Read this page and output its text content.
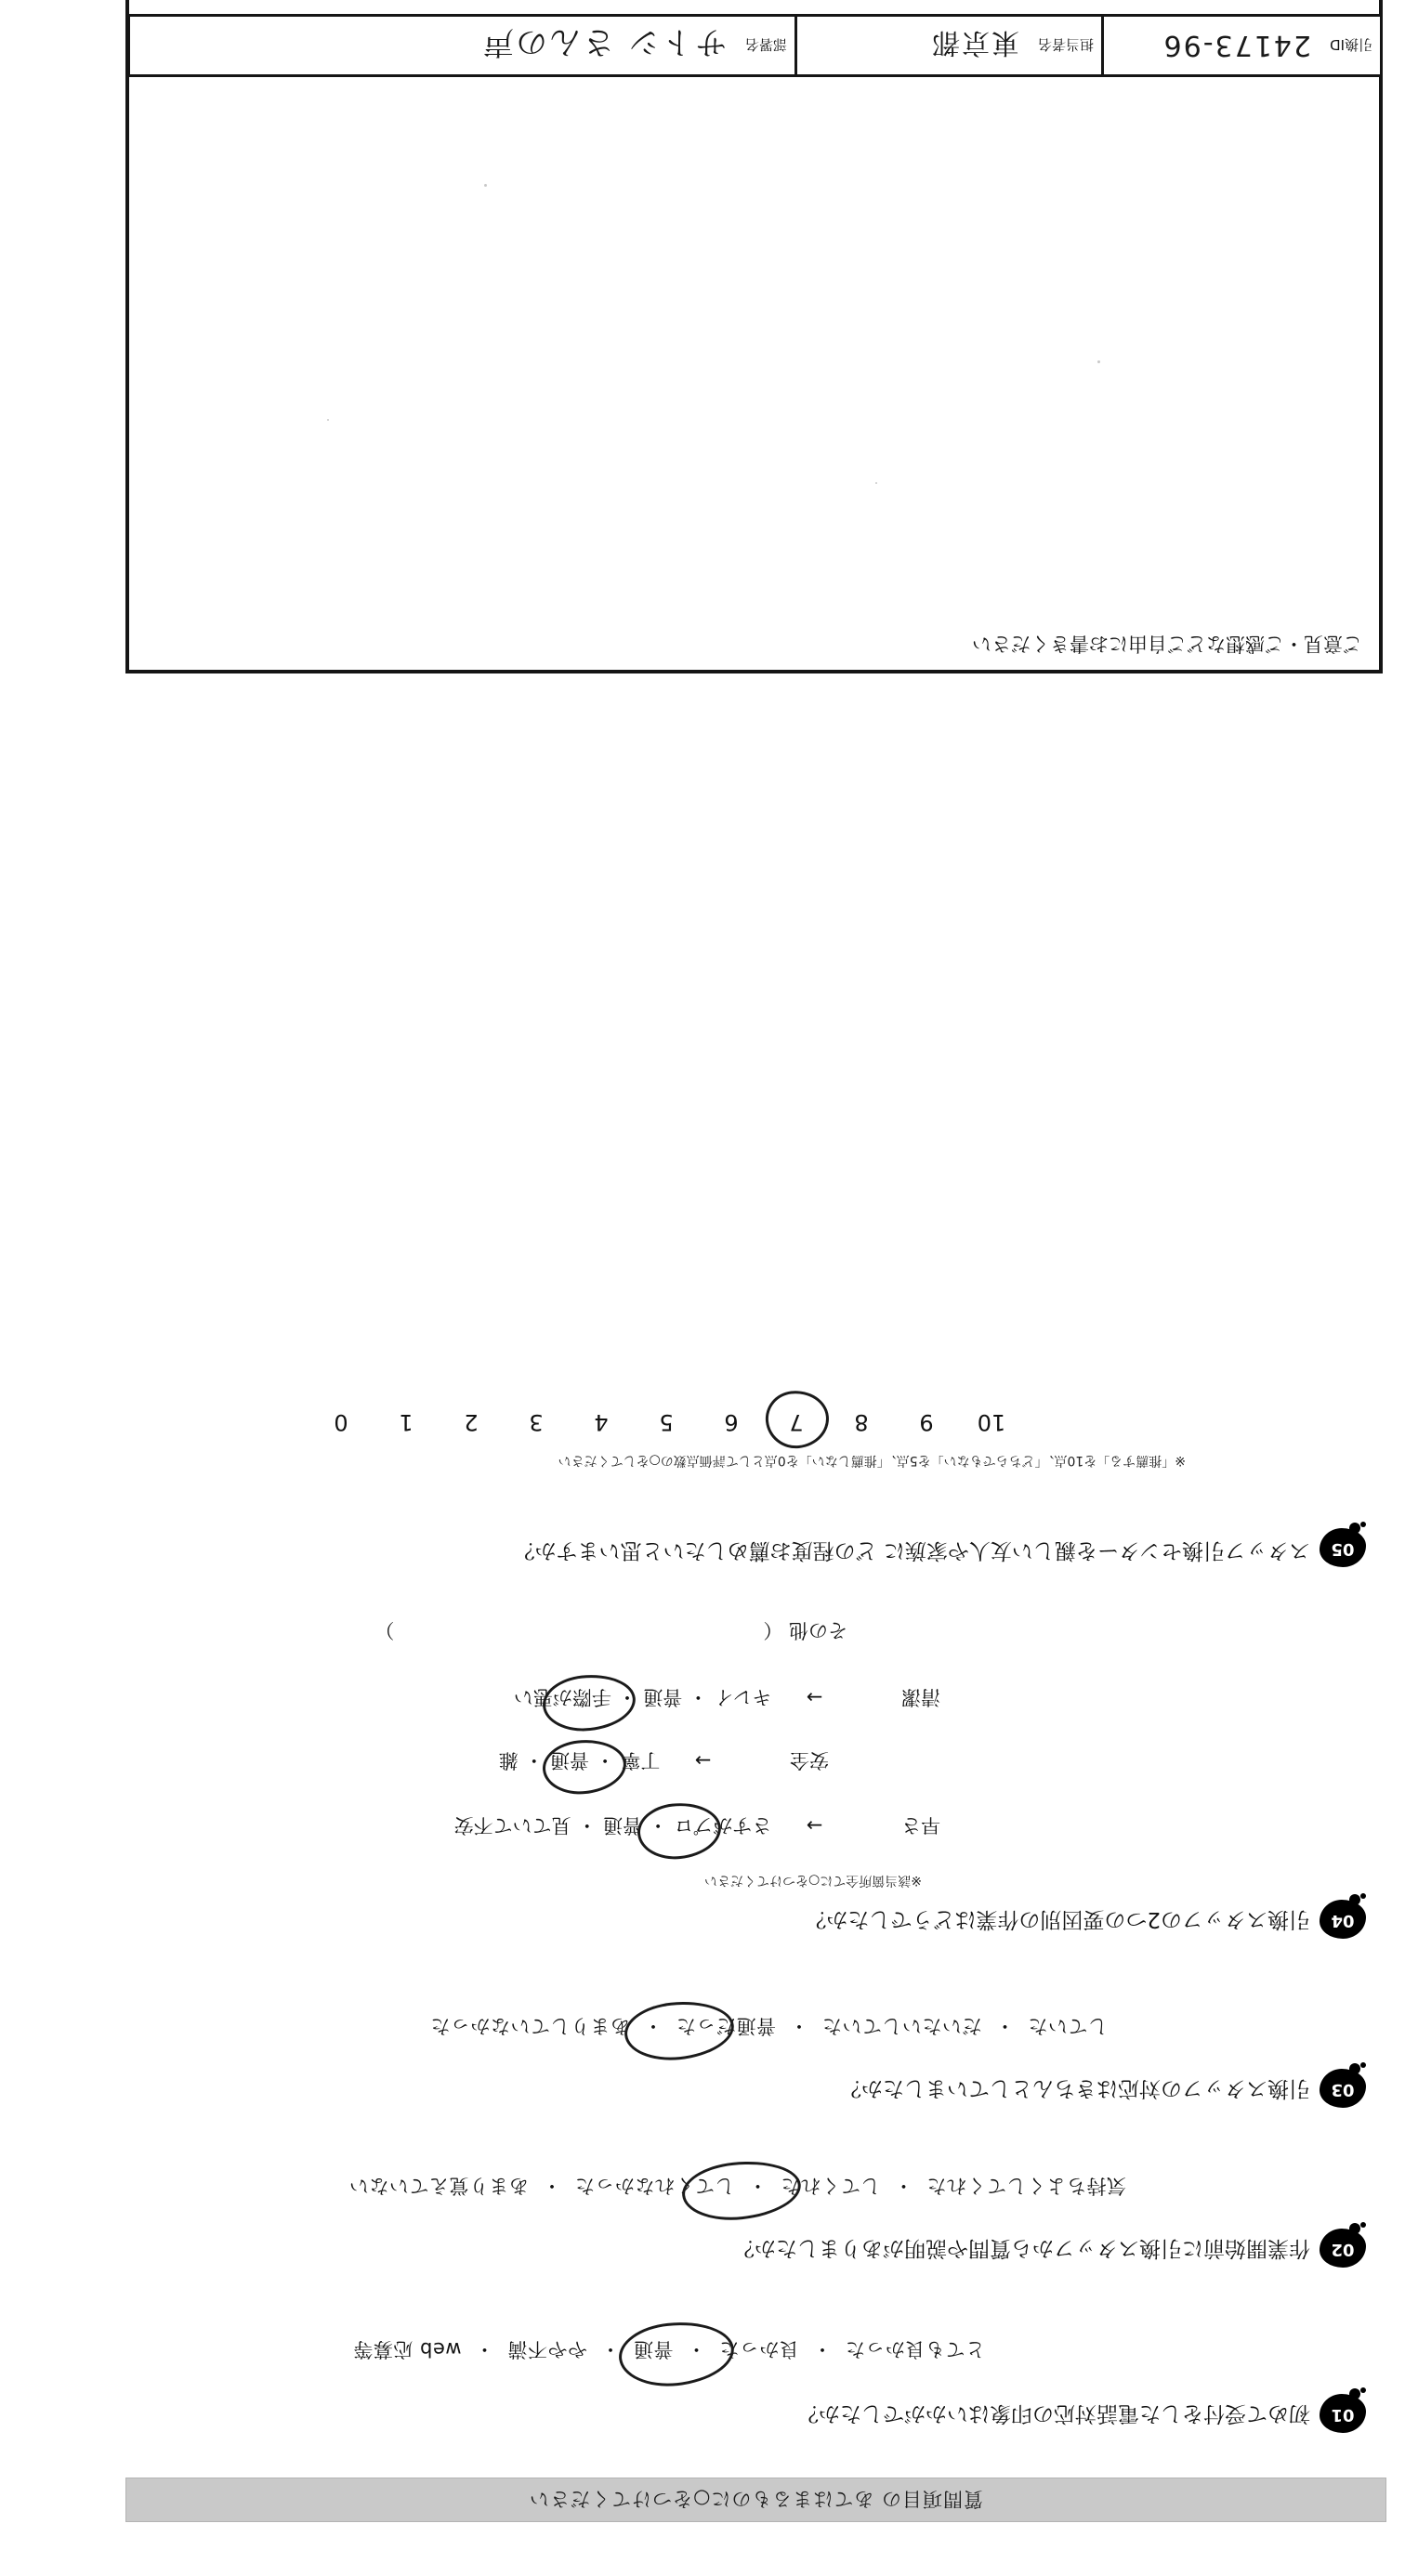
質問項目の あてはまるものに○をつけてください
01
初めて受付をした電話対応の印象はいかがでしたか？
とても良かった・良かった・普通・やや不満・web 応募等
02
作業開始前に引換スタッフから質問や説明がありましたか？
気持ちよくしてくれた・してくれた・してくれなかった・あまり覚えていない
03
引換スタッフの対応はきちんとしていましたか？
していた・だいたいしていた・普通だった・あまりしていなかった
04
引換スタッフの2つの要因別の作業はどうでしたか？
※該当箇所全てに○をつけてください
早さ →  さすがプロ ・ 普通 ・ 見ていて不安
安全 →  丁寧 ・ 普通 ・ 雑
清潔 →  キレイ ・ 普通 ・ 手際が悪い
その他 （　　　　　　　　　　　　　　　　　　　　　）
05
スタッフ引換センターを親しい友人や家族に どの程度お薦めしたいと思いますか？
※「推薦する」を10点、「どちらでもない」を5点、「推薦しない」を0点として評価点数の○をしてください
109876543210
ご意見・ご感想などご自由にお書きください
引換ID
24173-96
担当者名
東京都
部署名
サトシ さんの声
